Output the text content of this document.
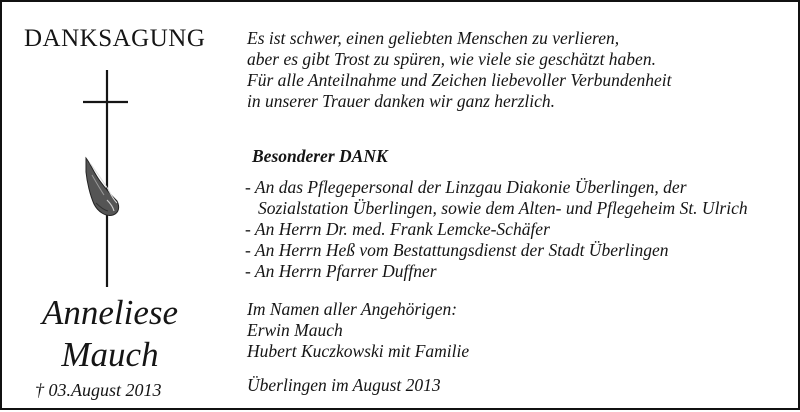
DANKSAGUNG
Anneliese
Mauch
† 03.August 2013
Es ist schwer, einen geliebten Menschen zu verlieren,
aber es gibt Trost zu spüren, wie viele sie geschätzt haben.
Für alle Anteilnahme und Zeichen liebevoller Verbundenheit
in unserer Trauer danken wir ganz herzlich.
Besonderer DANK
- An das Pflegepersonal der Linzgau Diakonie Überlingen, der
Sozialstation Überlingen, sowie dem Alten- und Pflegeheim St. Ulrich
- An Herrn Dr. med. Frank Lemcke-Schäfer
- An Herrn Heß vom Bestattungsdienst der Stadt Überlingen
- An Herrn Pfarrer Duffner
Im Namen aller Angehörigen:
Erwin Mauch
Hubert Kuczkowski mit Familie
Überlingen im August 2013
